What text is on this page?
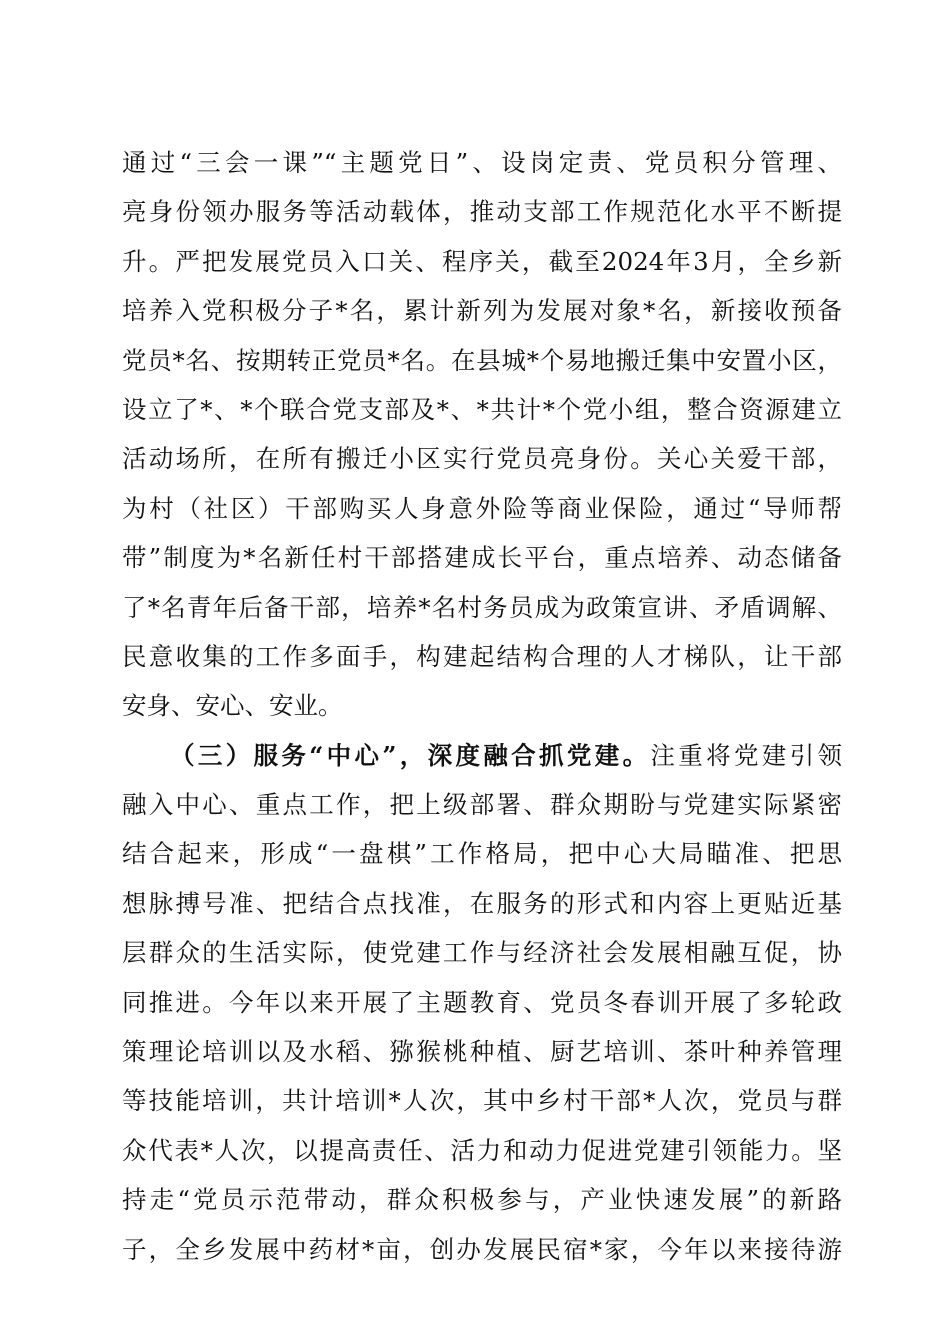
通过“三会一课”“主题党日”、设岗定责、党员积分管理、
亮身份领办服务等活动载体，推动支部工作规范化水平不断提
升。严把发展党员入口关、程序关，截至2024年3月，全乡新
培养入党积极分子*名，累计新列为发展对象*名，新接收预备
党员*名、按期转正党员*名。在县城*个易地搬迁集中安置小区，
设立了*、*个联合党支部及*、*共计*个党小组，整合资源建立
活动场所，在所有搬迁小区实行党员亮身份。关心关爱干部，
为村（社区）干部购买人身意外险等商业保险，通过“导师帮
带”制度为*名新任村干部搭建成长平台，重点培养、动态储备
了*名青年后备干部，培养*名村务员成为政策宣讲、矛盾调解、
民意收集的工作多面手，构建起结构合理的人才梯队，让干部
安身、安心、安业。
（三）服务“中心”，深度融合抓党建。注重将党建引领
融入中心、重点工作，把上级部署、群众期盼与党建实际紧密
结合起来，形成“一盘棋”工作格局，把中心大局瞄准、把思
想脉搏号准、把结合点找准，在服务的形式和内容上更贴近基
层群众的生活实际，使党建工作与经济社会发展相融互促，协
同推进。今年以来开展了主题教育、党员冬春训开展了多轮政
策理论培训以及水稻、猕猴桃种植、厨艺培训、茶叶种养管理
等技能培训，共计培训*人次，其中乡村干部*人次，党员与群
众代表*人次，以提高责任、活力和动力促进党建引领能力。坚
持走“党员示范带动，群众积极参与，产业快速发展”的新路
子，全乡发展中药材*亩，创办发展民宿*家，今年以来接待游
